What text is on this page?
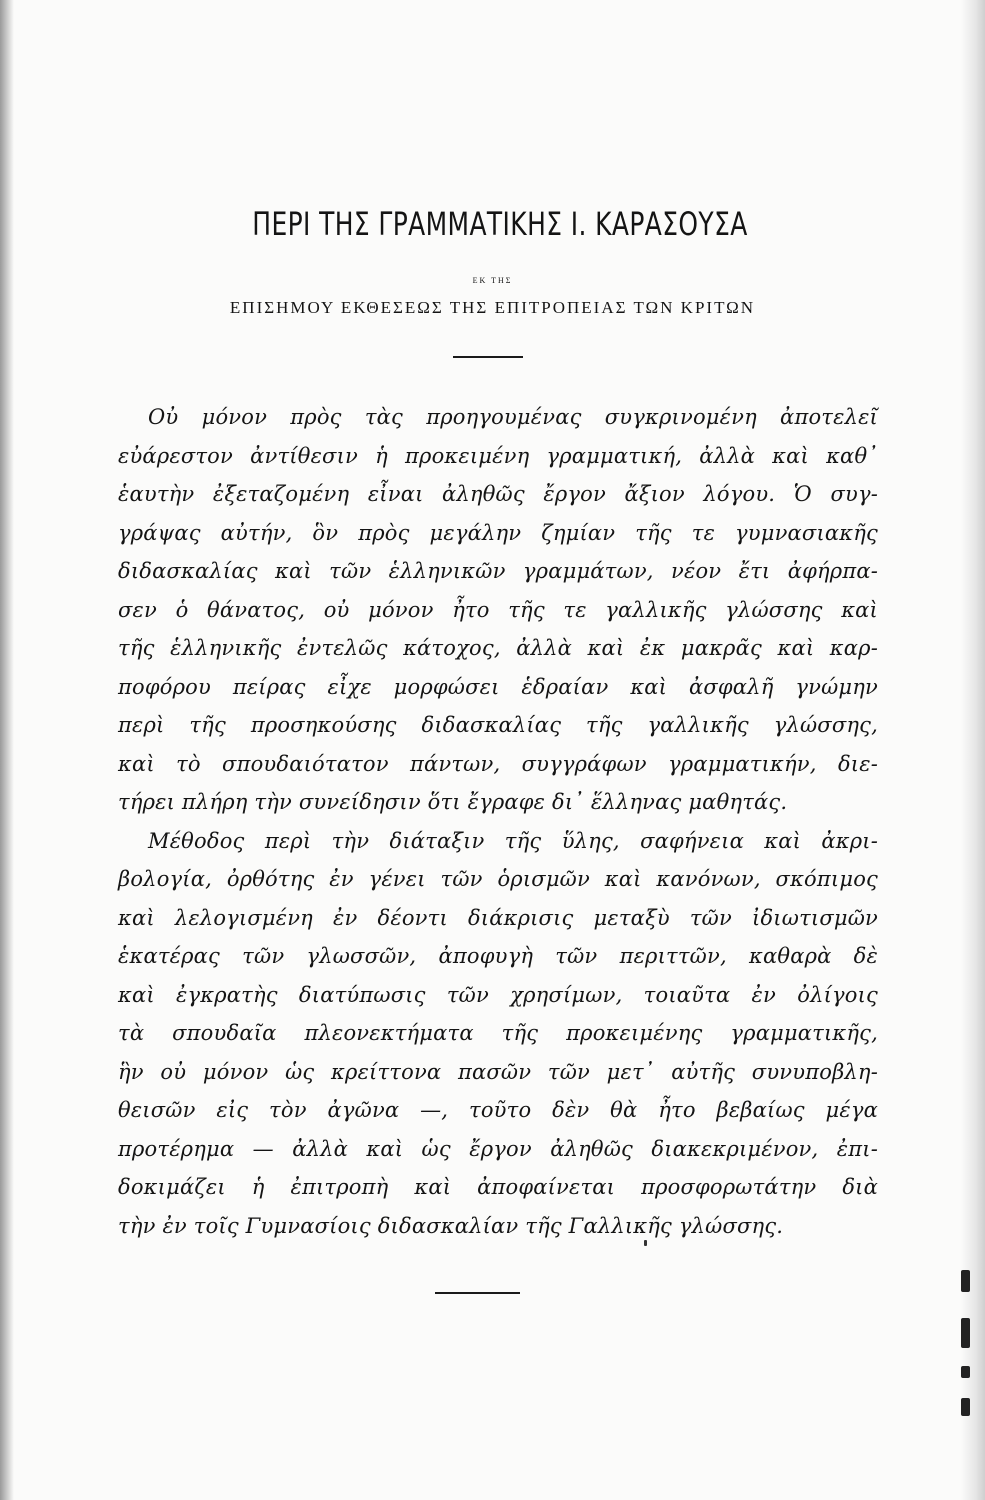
ΠΕΡΙ ΤΗΣ ΓΡΑΜΜΑΤΙΚΗΣ Ι. ΚΑΡΑΣΟΥΣΑ
ΕΚ ΤΗΣ
ΕΠΙΣΗΜΟΥ ΕΚΘΕΣΕΩΣ ΤΗΣ ΕΠΙΤΡΟΠΕΙΑΣ ΤΩΝ ΚΡΙΤΩΝ
Οὐ μόνον πρὸς τὰς προηγουμένας συγκρινομένη ἀποτελεῖ
εὐάρεστον ἀντίθεσιν ἡ προκειμένη γραμματική, ἀλλὰ καὶ καθ᾽
ἑαυτὴν ἐξεταζομένη εἶναι ἀληθῶς ἔργον ἄξιον λόγου. Ὁ συγ-
γράψας αὐτήν, ὃν πρὸς μεγάλην ζημίαν τῆς τε γυμνασιακῆς
διδασκαλίας καὶ τῶν ἑλληνικῶν γραμμάτων, νέον ἔτι ἀφήρπα-
σεν ὁ θάνατος, οὐ μόνον ἦτο τῆς τε γαλλικῆς γλώσσης καὶ
τῆς ἑλληνικῆς ἐντελῶς κάτοχος, ἀλλὰ καὶ ἐκ μακρᾶς καὶ καρ-
ποφόρου πείρας εἶχε μορφώσει ἑδραίαν καὶ ἀσφαλῆ γνώμην
περὶ τῆς προσηκούσης διδασκαλίας τῆς γαλλικῆς γλώσσης,
καὶ τὸ σπουδαιότατον πάντων, συγγράφων γραμματικήν, διε-
τήρει πλήρη τὴν συνείδησιν ὅτι ἔγραφε δι᾽ ἕλληνας μαθητάς.
Μέθοδος περὶ τὴν διάταξιν τῆς ὕλης, σαφήνεια καὶ ἀκρι-
βολογία, ὀρθότης ἐν γένει τῶν ὁρισμῶν καὶ κανόνων, σκόπιμος
καὶ λελογισμένη ἐν δέοντι διάκρισις μεταξὺ τῶν ἰδιωτισμῶν
ἑκατέρας τῶν γλωσσῶν, ἀποφυγὴ τῶν περιττῶν, καθαρὰ δὲ
καὶ ἐγκρατὴς διατύπωσις τῶν χρησίμων, τοιαῦτα ἐν ὀλίγοις
τὰ σπουδαῖα πλεονεκτήματα τῆς προκειμένης γραμματικῆς,
ἣν οὐ μόνον ὡς κρείττονα πασῶν τῶν μετ᾽ αὐτῆς συνυποβλη-
θεισῶν εἰς τὸν ἀγῶνα —, τοῦτο δὲν θὰ ἦτο βεβαίως μέγα
προτέρημα — ἀλλὰ καὶ ὡς ἔργον ἀληθῶς διακεκριμένον, ἐπι-
δοκιμάζει ἡ ἐπιτροπὴ καὶ ἀποφαίνεται προσφορωτάτην διὰ
τὴν ἐν τοῖς Γυμνασίοις διδασκαλίαν τῆς Γαλλικῆς γλώσσης.
